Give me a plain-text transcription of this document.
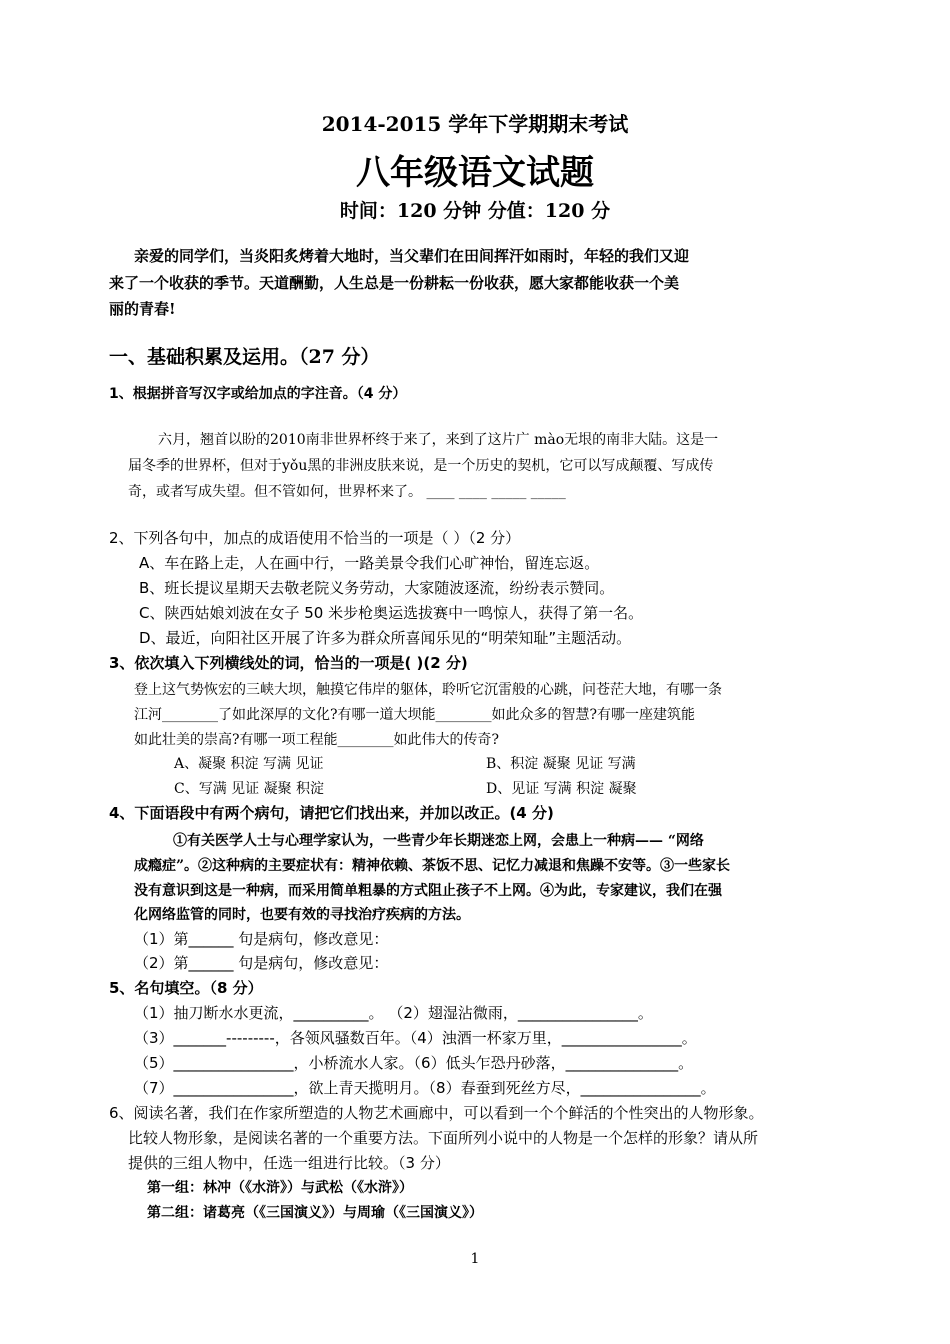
2014-2015 学年下学期期末考试
八年级语文试题
时间：120 分钟 分值：120 分
亲爱的同学们，当炎阳炙烤着大地时，当父辈们在田间挥汗如雨时，年轻的我们又迎
来了一个收获的季节。天道酬勤，人生总是一份耕耘一份收获，愿大家都能收获一个美
丽的青春!
一、基础积累及运用。（27 分）
1、根据拼音写汉字或给加点的字注音。（4 分）
六月，翘首以盼的2010南非世界杯终于来了，来到了这片广 mào无垠的南非大陆。这是一
届冬季的世界杯，但对于yǒu黑的非洲皮肤来说，是一个历史的契机，它可以写成颠覆、写成传
奇，或者写成失望。但不管如何，世界杯来了。 ____ ____ _____ _____
2、下列各句中，加点的成语使用不恰当的一项是（ ）（2 分）
A、车在路上走，人在画中行，一路美景令我们心旷神怡，留连忘返。
B、班长提议星期天去敬老院义务劳动，大家随波逐流，纷纷表示赞同。
C、陕西姑娘刘波在女子 50 米步枪奥运选拔赛中一鸣惊人，获得了第一名。
D、最近，向阳社区开展了许多为群众所喜闻乐见的“明荣知耻”主题活动。
3、依次填入下列横线处的词，恰当的一项是( )(2 分)
登上这气势恢宏的三峡大坝，触摸它伟岸的躯体，聆听它沉雷般的心跳，问苍茫大地，有哪一条
江河________了如此深厚的文化?有哪一道大坝能________如此众多的智慧?有哪一座建筑能
如此壮美的崇高?有哪一项工程能________如此伟大的传奇?
A、凝聚 积淀 写满 见证	B、积淀 凝聚 见证 写满
C、写满 见证 凝聚 积淀	D、见证 写满 积淀 凝聚
4、下面语段中有两个病句，请把它们找出来，并加以改正。(4 分)
①有关医学人士与心理学家认为，一些青少年长期迷恋上网，会患上一种病—— “网络
成瘾症”。②这种病的主要症状有：精神依赖、茶饭不思、记忆力减退和焦躁不安等。③一些家长
没有意识到这是一种病，而采用简单粗暴的方式阻止孩子不上网。④为此，专家建议，我们在强
化网络监管的同时，也要有效的寻找治疗疾病的方法。
（1）第______ 句是病句，修改意见：
（2）第______ 句是病句，修改意见：
5、名句填空。（8 分）
（1）抽刀断水水更流，__________。 （2）翅湿沾微雨，________________。
（3）_______---------，各领风骚数百年。（4）浊酒一杯家万里，________________。
（5）________________，小桥流水人家。（6）低头乍恐丹砂落，_______________。
（7）________________，欲上青天揽明月。（8）春蚕到死丝方尽，________________。
6、阅读名著，我们在作家所塑造的人物艺术画廊中，可以看到一个个鲜活的个性突出的人物形象。
比较人物形象，是阅读名著的一个重要方法。下面所列小说中的人物是一个怎样的形象？请从所
提供的三组人物中，任选一组进行比较。（3 分）
第一组：林冲（《水浒》）与武松（《水浒》）
第二组：诸葛亮（《三国演义》）与周瑜（《三国演义》）
1
